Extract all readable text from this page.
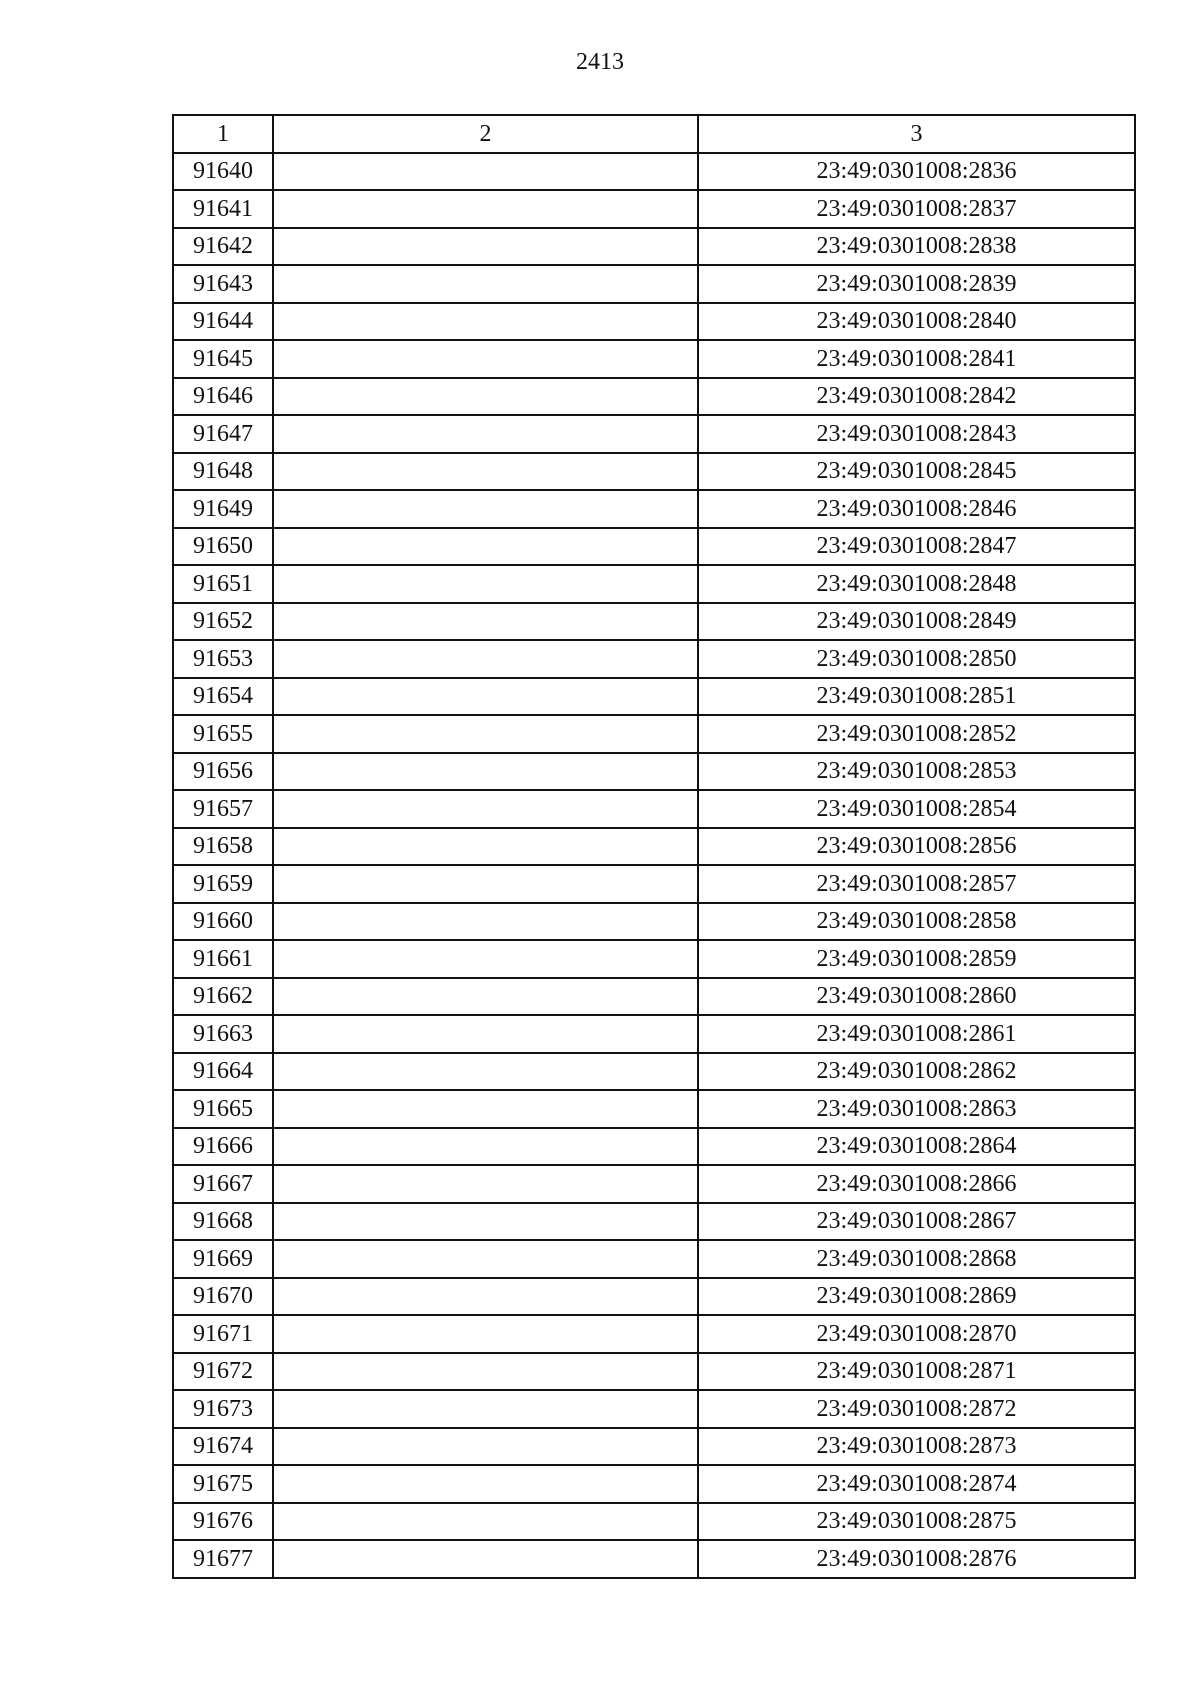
2413
1	2	3
91640		23:49:0301008:2836
91641		23:49:0301008:2837
91642		23:49:0301008:2838
91643		23:49:0301008:2839
91644		23:49:0301008:2840
91645		23:49:0301008:2841
91646		23:49:0301008:2842
91647		23:49:0301008:2843
91648		23:49:0301008:2845
91649		23:49:0301008:2846
91650		23:49:0301008:2847
91651		23:49:0301008:2848
91652		23:49:0301008:2849
91653		23:49:0301008:2850
91654		23:49:0301008:2851
91655		23:49:0301008:2852
91656		23:49:0301008:2853
91657		23:49:0301008:2854
91658		23:49:0301008:2856
91659		23:49:0301008:2857
91660		23:49:0301008:2858
91661		23:49:0301008:2859
91662		23:49:0301008:2860
91663		23:49:0301008:2861
91664		23:49:0301008:2862
91665		23:49:0301008:2863
91666		23:49:0301008:2864
91667		23:49:0301008:2866
91668		23:49:0301008:2867
91669		23:49:0301008:2868
91670		23:49:0301008:2869
91671		23:49:0301008:2870
91672		23:49:0301008:2871
91673		23:49:0301008:2872
91674		23:49:0301008:2873
91675		23:49:0301008:2874
91676		23:49:0301008:2875
91677		23:49:0301008:2876
